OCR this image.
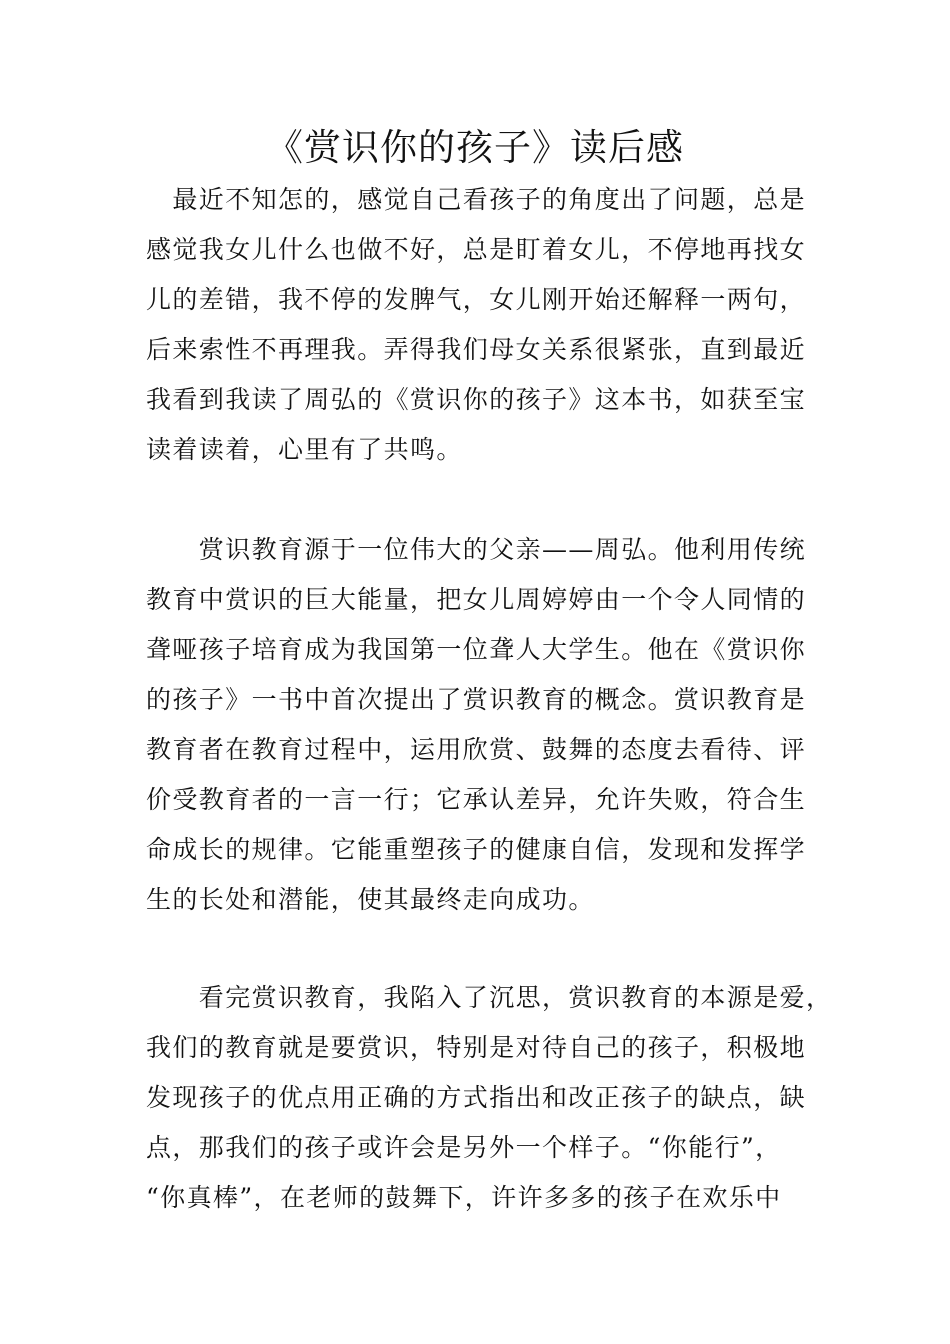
《赏识你的孩子》读后感
　最近不知怎的，感觉自己看孩子的角度出了问题，总是
感觉我女儿什么也做不好，总是盯着女儿，不停地再找女
儿的差错，我不停的发脾气，女儿刚开始还解释一两句，
后来索性不再理我。弄得我们母女关系很紧张，直到最近
我看到我读了周弘的《赏识你的孩子》这本书，如获至宝
读着读着，心里有了共鸣。
　　赏识教育源于一位伟大的父亲——周弘。他利用传统
教育中赏识的巨大能量，把女儿周婷婷由一个令人同情的
聋哑孩子培育成为我国第一位聋人大学生。他在《赏识你
的孩子》一书中首次提出了赏识教育的概念。赏识教育是
教育者在教育过程中，运用欣赏、鼓舞的态度去看待、评
价受教育者的一言一行；它承认差异，允许失败，符合生
命成长的规律。它能重塑孩子的健康自信，发现和发挥学
生的长处和潜能，使其最终走向成功。
　　看完赏识教育，我陷入了沉思，赏识教育的本源是爱，
我们的教育就是要赏识，特别是对待自己的孩子，积极地
发现孩子的优点用正确的方式指出和改正孩子的缺点，缺
点，那我们的孩子或许会是另外一个样子。“你能行”，
“你真棒”，在老师的鼓舞下，许许多多的孩子在欢乐中
